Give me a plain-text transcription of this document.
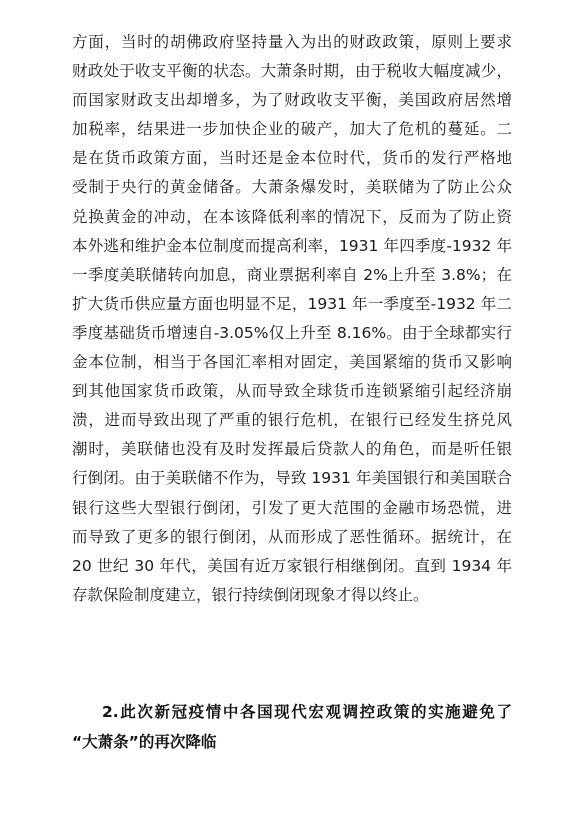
方面，当时的胡佛政府坚持量入为出的财政政策，原则上要求
财政处于收支平衡的状态。大萧条时期，由于税收大幅度减少，
而国家财政支出却增多，为了财政收支平衡，美国政府居然增
加税率，结果进一步加快企业的破产，加大了危机的蔓延。二
是在货币政策方面，当时还是金本位时代，货币的发行严格地
受制于央行的黄金储备。大萧条爆发时，美联储为了防止公众
兑换黄金的冲动，在本该降低利率的情况下，反而为了防止资
本外逃和维护金本位制度而提高利率，1931 年四季度-1932 年
一季度美联储转向加息，商业票据利率自 2%上升至 3.8%；在
扩大货币供应量方面也明显不足，1931 年一季度至-1932 年二
季度基础货币增速自-3.05%仅上升至 8.16%。由于全球都实行
金本位制，相当于各国汇率相对固定，美国紧缩的货币又影响
到其他国家货币政策，从而导致全球货币连锁紧缩引起经济崩
溃，进而导致出现了严重的银行危机，在银行已经发生挤兑风
潮时，美联储也没有及时发挥最后贷款人的角色，而是听任银
行倒闭。由于美联储不作为，导致 1931 年美国银行和美国联合
银行这些大型银行倒闭，引发了更大范围的金融市场恐慌，进
而导致了更多的银行倒闭，从而形成了恶性循环。据统计，在
20 世纪 30 年代，美国有近万家银行相继倒闭。直到 1934 年
存款保险制度建立，银行持续倒闭现象才得以终止。
2.此次新冠疫情中各国现代宏观调控政策的实施避免了
“大萧条”的再次降临
